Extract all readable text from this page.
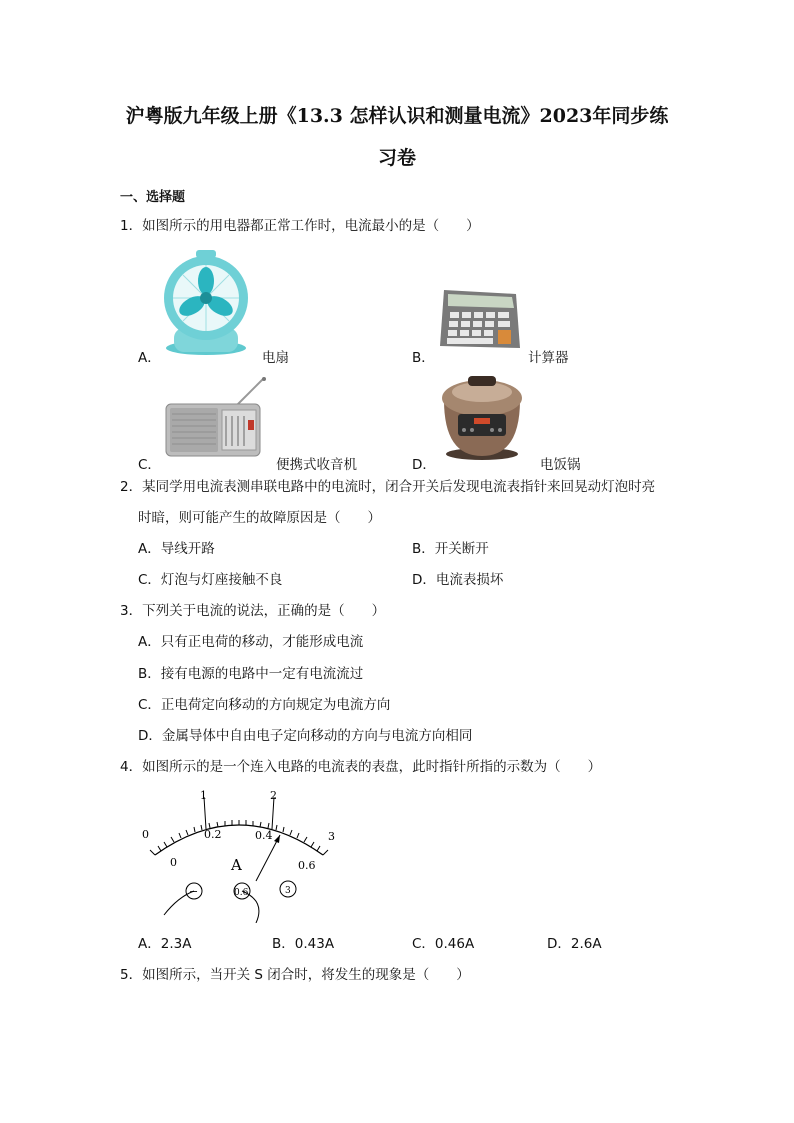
沪粤版九年级上册《13.3 怎样认识和测量电流》2023年同步练
习卷
一、选择题
1．如图所示的用电器都正常工作时，电流最小的是（　　）
A．	电扇	B．	计算器
C．	便携式收音机	D．	电饭锅
2．某同学用电流表测串联电路中的电流时，闭合开关后发现电流表指针来回晃动灯泡时亮
时暗，则可能产生的故障原因是（　　）
A．导线开路	B．开关断开
C．灯泡与灯座接触不良	D．电流表损坏
3．下列关于电流的说法，正确的是（　　）
A．只有正电荷的移动，才能形成电流
B．接有电源的电路中一定有电流流过
C．正电荷定向移动的方向规定为电流方向
D．金属导体中自由电子定向移动的方向与电流方向相同
4．如图所示的是一个连入电路的电流表的表盘，此时指针所指的示数为（　　）
0
1	2
3
0
0.2	0.4
0.6
A
−	0.6	3
A．2.3A	B．0.43A	C．0.46A	D．2.6A
5．如图所示，当开关 S 闭合时，将发生的现象是（　　）
